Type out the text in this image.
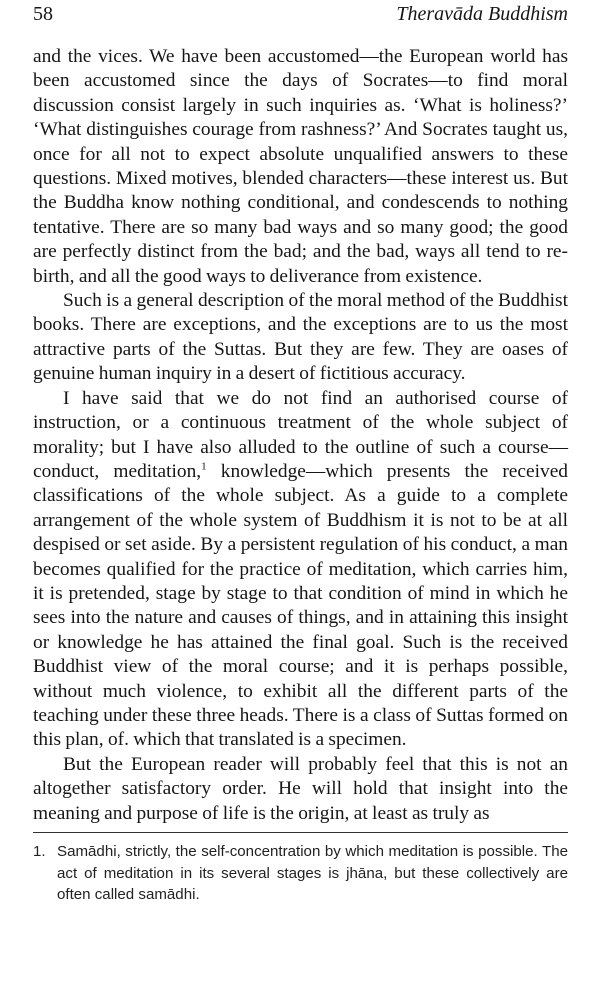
58	Theravāda Buddhism

and the vices. We have been accustomed—the European world has been accustomed since the days of Socrates—to find moral discussion consist largely in such inquiries as. ‘What is holiness?’ ‘What distinguishes courage from rashness?’ And Socrates taught us, once for all not to expect absolute unqualified answers to these questions. Mixed motives, blended characters—these interest us. But the Buddha know nothing conditional, and condescends to nothing tentative. There are so many bad ways and so many good; the good are perfectly distinct from the bad; and the bad, ways all tend to re-birth, and all the good ways to deliverance from existence.

Such is a general description of the moral method of the Buddhist books. There are exceptions, and the exceptions are to us the most attractive parts of the Suttas. But they are few. They are oases of genuine human inquiry in a desert of fictitious accuracy.

I have said that we do not find an authorised course of instruction, or a continuous treatment of the whole subject of morality; but I have also alluded to the outline of such a course—conduct, meditation,$^1$ knowledge—which presents the received classifications of the whole subject. As a guide to a complete arrangement of the whole system of Buddhism it is not to be at all despised or set aside. By a persistent regulation of his conduct, a man becomes qualified for the practice of meditation, which carries him, it is pretended, stage by stage to that condition of mind in which he sees into the nature and causes of things, and in attaining this insight or knowledge he has attained the final goal. Such is the received Buddhist view of the moral course; and it is perhaps possible, without much violence, to exhibit all the different parts of the teaching under these three heads. There is a class of Suttas formed on this plan, of. which that translated is a specimen.

But the European reader will probably feel that this is not an altogether satisfactory order. He will hold that insight into the meaning and purpose of life is the origin, at least as truly as

1. Samādhi, strictly, the self-concentration by which meditation is possible. The act of meditation in its several stages is jhāna, but these collectively are often called samādhi.
